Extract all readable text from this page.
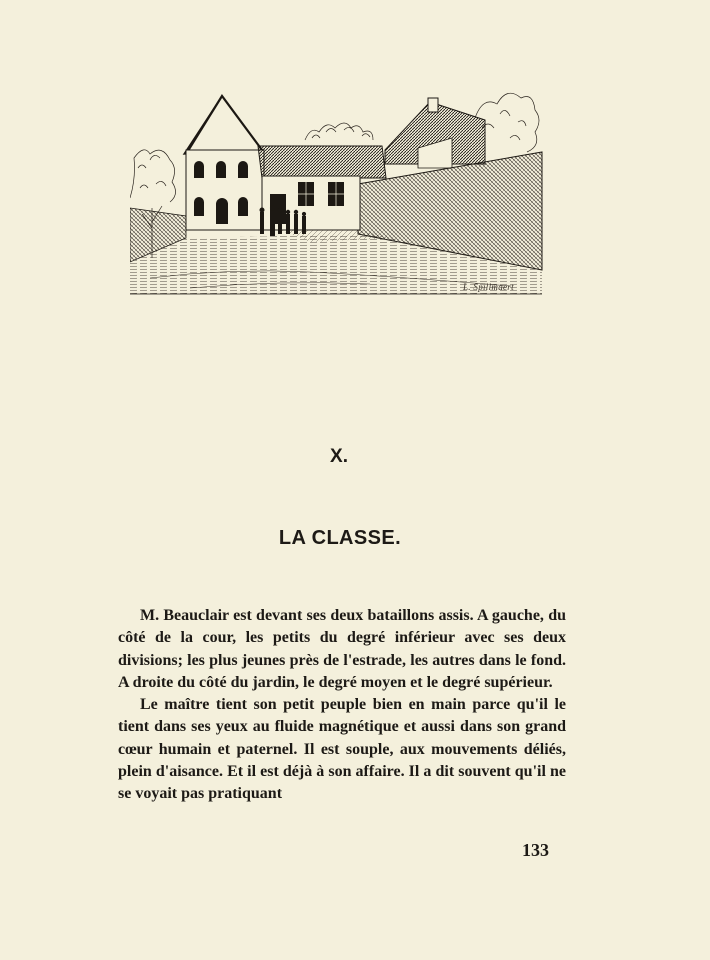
L. Spillmaert
X.
LA CLASSE.

M. Beauclair est devant ses deux bataillons assis. A gauche, du côté de la cour, les petits du degré inférieur avec ses deux divisions; les plus jeunes près de l'estrade, les autres dans le fond. A droite du côté du jardin, le degré moyen et le degré supérieur.

Le maître tient son petit peuple bien en main parce qu'il le tient dans ses yeux au fluide magnétique et aussi dans son grand cœur humain et paternel. Il est souple, aux mouvements déliés, plein d'aisance. Et il est déjà à son affaire. Il a dit souvent qu'il ne se voyait pas pratiquant

133
